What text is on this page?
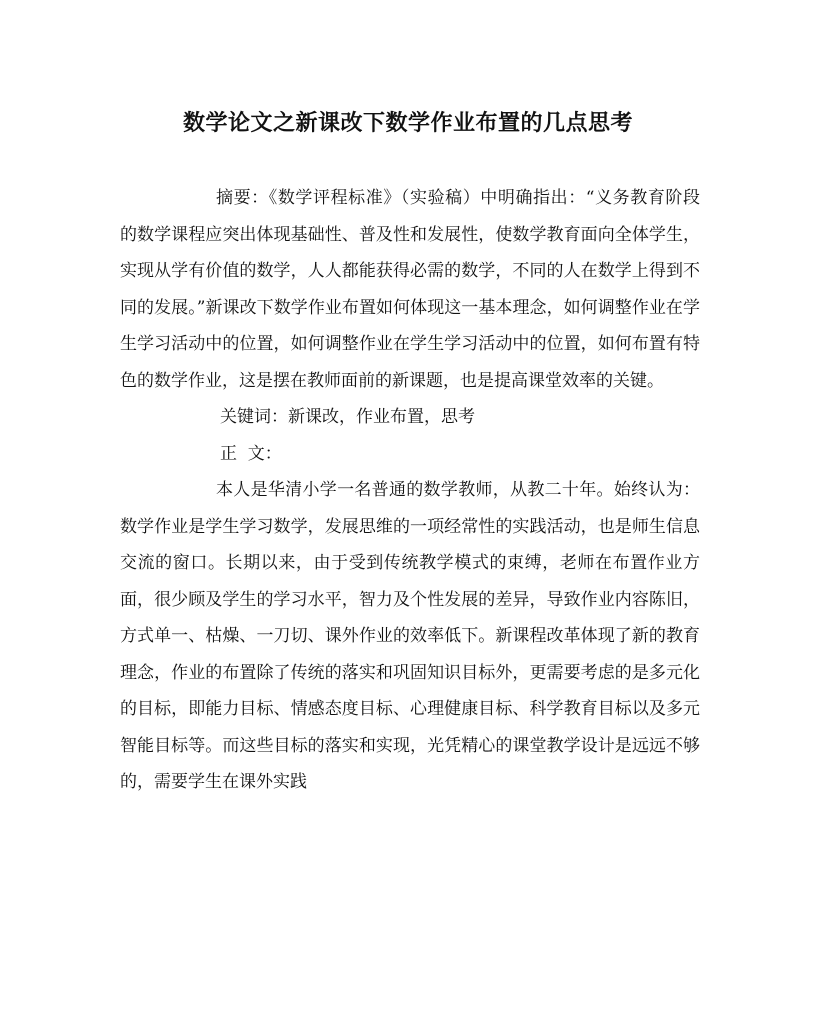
数学论文之新课改下数学作业布置的几点思考

摘要：《数学评程标准》（实验稿）中明确指出：“义务教育阶段的数学课程应突出体现基础性、普及性和发展性，使数学教育面向全体学生，实现从学有价值的数学，人人都能获得必需的数学，不同的人在数学上得到不同的发展。”新课改下数学作业布置如何体现这一基本理念，如何调整作业在学生学习活动中的位置，如何调整作业在学生学习活动中的位置，如何布置有特色的数学作业，这是摆在教师面前的新课题，也是提高课堂效率的关键。

关键词：新课改，作业布置，思考

正  文：

本人是华清小学一名普通的数学教师，从教二十年。始终认为：数学作业是学生学习数学，发展思维的一项经常性的实践活动，也是师生信息交流的窗口。长期以来，由于受到传统教学模式的束缚，老师在布置作业方面，很少顾及学生的学习水平，智力及个性发展的差异，导致作业内容陈旧，方式单一、枯燥、一刀切、课外作业的效率低下。新课程改革体现了新的教育理念，作业的布置除了传统的落实和巩固知识目标外，更需要考虑的是多元化的目标，即能力目标、情感态度目标、心理健康目标、科学教育目标以及多元智能目标等。而这些目标的落实和实现，光凭精心的课堂教学设计是远远不够的，需要学生在课外实践
